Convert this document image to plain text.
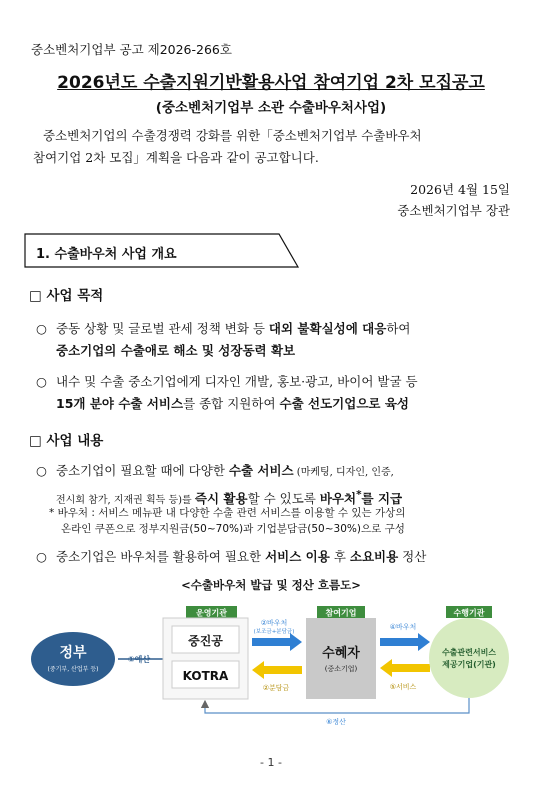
중소벤처기업부 공고 제2026-266호
2026년도 수출지원기반활용사업 참여기업 2차 모집공고
(중소벤처기업부 소관 수출바우처사업)

중소벤처기업의 수출경쟁력 강화를 위한「중소벤처기업부 수출바우처

참여기업 2차 모집」계획을 다음과 같이 공고합니다.

2026년 4월 15일
중소벤처기업부 장관
1. 수출바우처 사업 개요
□ 사업 목적
○ 중동 상황 및 글로벌 관세 정책 변화 등 대외 불확실성에 대응하여
중소기업의 수출애로 해소 및 성장동력 확보
○ 내수 및 수출 중소기업에게 디자인 개발, 홍보·광고, 바이어 발굴 등
15개 분야 수출 서비스를 종합 지원하여 수출 선도기업으로 육성
□ 사업 내용
○ 중소기업이 필요할 때에 다양한 수출 서비스 (마케팅, 디자인, 인증,
전시회 참가, 지재권 획득 등)를 즉시 활용할 수 있도록 바우처*를 지급
* 바우처 : 서비스 메뉴판 내 다양한 수출 관련 서비스를 이용할 수 있는 가상의
온라인 쿠폰으로 정부지원금(50~70%)과 기업분담금(50~30%)으로 구성
○ 중소기업은 바우처를 활용하여 필요한 서비스 이용 후 소요비용 정산
<수출바우처 발급 및 정산 흐름도>
정부
(중기부, 산업부 등)
①예산
운영기관
중진공
KOTRA
②바우처
(보조금+분담금)
②분담금
참여기업
수혜자
(중소기업)
④바우처
⑤서비스
수행기관
수출관련서비스
제공기업(기관)
⑥정산
- 1 -
